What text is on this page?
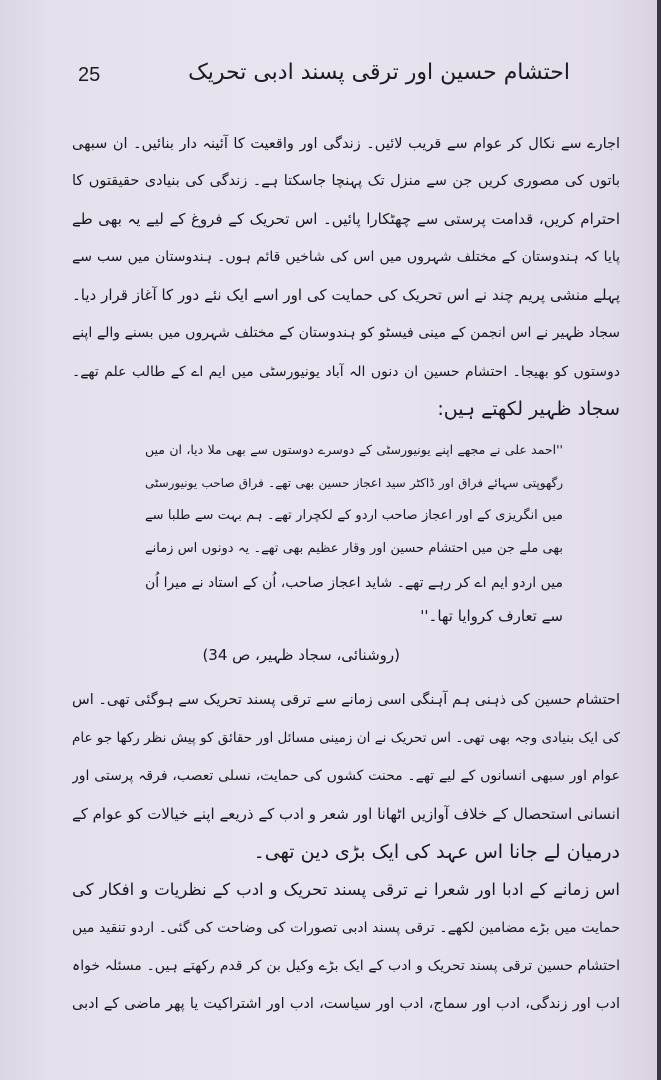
25	احتشام حسین اور ترقی پسند ادبی تحریک
اجارے سے نکال کر عوام سے قریب لائیں۔ زندگی اور واقعیت کا آئینہ دار بنائیں۔ ان سبھی
باتوں کی مصوری کریں جن سے منزل تک پہنچا جاسکتا ہے۔ زندگی کی بنیادی حقیقتوں کا
احترام کریں، قدامت پرستی سے چھٹکارا پائیں۔ اس تحریک کے فروغ کے لیے یہ بھی طے
پایا کہ ہندوستان کے مختلف شہروں میں اس کی شاخیں قائم ہوں۔ ہندوستان میں سب سے
پہلے منشی پریم چند نے اس تحریک کی حمایت کی اور اسے ایک نئے دور کا آغاز قرار دیا۔
سجاد ظہیر نے اس انجمن کے مینی فیسٹو کو ہندوستان کے مختلف شہروں میں بسنے والے اپنے
دوستوں کو بھیجا۔ احتشام حسین ان دنوں الہ آباد یونیورسٹی میں ایم اے کے طالب علم تھے۔
سجاد ظہیر لکھتے ہیں:
''احمد علی نے مجھے اپنے یونیورسٹی کے دوسرے دوستوں سے بھی ملا دیا، ان میں
رگھوپتی سہائے فراق اور ڈاکٹر سید اعجاز حسین بھی تھے۔ فراق صاحب یونیورسٹی
میں انگریزی کے اور اعجاز صاحب اردو کے لکچرار تھے۔ ہم بہت سے طلبا سے
بھی ملے جن میں احتشام حسین اور وقار عظیم بھی تھے۔ یہ دونوں اس زمانے
میں اردو ایم اے کر رہے تھے۔ شاید اعجاز صاحب، اُن کے استاد نے میرا اُن
سے تعارف کروایا تھا۔''
(روشنائی، سجاد ظہیر، ص 34)
احتشام حسین کی ذہنی ہم آہنگی اسی زمانے سے ترقی پسند تحریک سے ہوگئی تھی۔ اس
کی ایک بنیادی وجہ بھی تھی۔ اس تحریک نے ان زمینی مسائل اور حقائق کو پیش نظر رکھا جو عام
عوام اور سبھی انسانوں کے لیے تھے۔ محنت کشوں کی حمایت، نسلی تعصب، فرقہ پرستی اور
انسانی استحصال کے خلاف آوازیں اٹھانا اور شعر و ادب کے ذریعے اپنے خیالات کو عوام کے
درمیان لے جانا اس عہد کی ایک بڑی دین تھی۔
اس زمانے کے ادبا اور شعرا نے ترقی پسند تحریک و ادب کے نظریات و افکار کی
حمایت میں بڑے مضامین لکھے۔ ترقی پسند ادبی تصورات کی وضاحت کی گئی۔ اردو تنقید میں
احتشام حسین ترقی پسند تحریک و ادب کے ایک بڑے وکیل بن کر قدم رکھتے ہیں۔ مسئلہ خواہ
ادب اور زندگی، ادب اور سماج، ادب اور سیاست، ادب اور اشتراکیت یا پھر ماضی کے ادبی
